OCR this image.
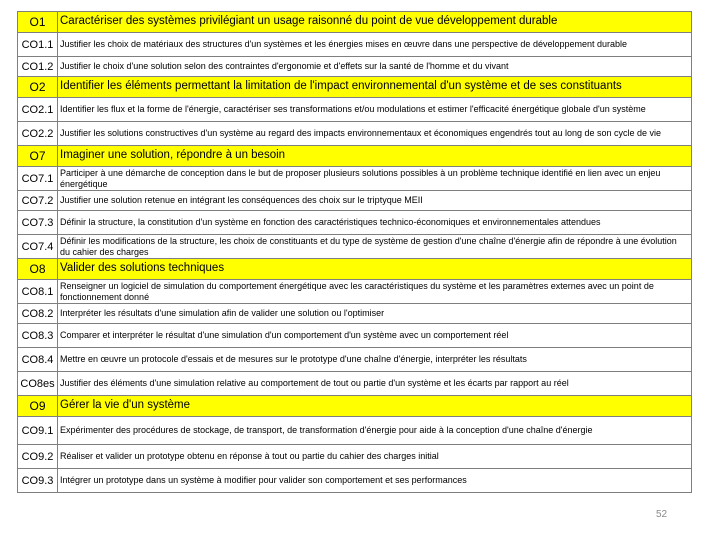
O1	Caractériser des systèmes privilégiant un usage raisonné du point de vue développement durable
CO1.1	Justifier les choix de matériaux des structures d'un systèmes et les énergies mises en œuvre dans une perspective de développement durable
CO1.2	Justifier le choix d'une solution selon des contraintes d'ergonomie et d'effets sur la santé de l'homme et du vivant
O2	Identifier les éléments permettant la limitation de l'impact environnemental d'un système et de ses constituants
CO2.1	Identifier les flux et la forme de l'énergie, caractériser ses transformations et/ou modulations et estimer l'efficacité énergétique globale d'un système
CO2.2	Justifier les solutions constructives d'un système au regard des impacts environnementaux et économiques engendrés tout au long de son cycle de vie
O7	Imaginer une solution, répondre à un besoin
CO7.1	Participer à une démarche de conception dans le but de proposer plusieurs solutions possibles à un problème technique identifié en lien avec un enjeu énergétique
CO7.2	Justifier une solution retenue en intégrant les conséquences des choix sur le triptyque MEII
CO7.3	Définir la structure, la constitution d'un système en fonction des caractéristiques technico-économiques et environnementales attendues
CO7.4	Définir les modifications de la structure, les choix de constituants et du type de système de gestion d'une chaîne d'énergie afin de répondre à une évolution du cahier des charges
O8	Valider des solutions techniques
CO8.1	Renseigner un logiciel de simulation du comportement énergétique avec les caractéristiques du système et les paramètres externes avec un point de fonctionnement donné
CO8.2	Interpréter les résultats d'une simulation afin de valider une solution ou l'optimiser
CO8.3	Comparer et interpréter le résultat d'une simulation d'un comportement d'un système avec un comportement réel
CO8.4	Mettre en œuvre un protocole d'essais et de mesures sur le prototype d'une chaîne d'énergie, interpréter les résultats
CO8es	Justifier des éléments d'une simulation relative au comportement de tout ou partie d'un système et les écarts par rapport au réel
O9	Gérer la vie d'un système
CO9.1	Expérimenter des procédures de stockage, de transport, de transformation d'énergie pour aide à la conception d'une chaîne d'énergie
CO9.2	Réaliser et valider un prototype obtenu en réponse à tout ou partie du cahier des charges initial
CO9.3	Intégrer un prototype dans un système à modifier pour valider son comportement et ses performances
52
